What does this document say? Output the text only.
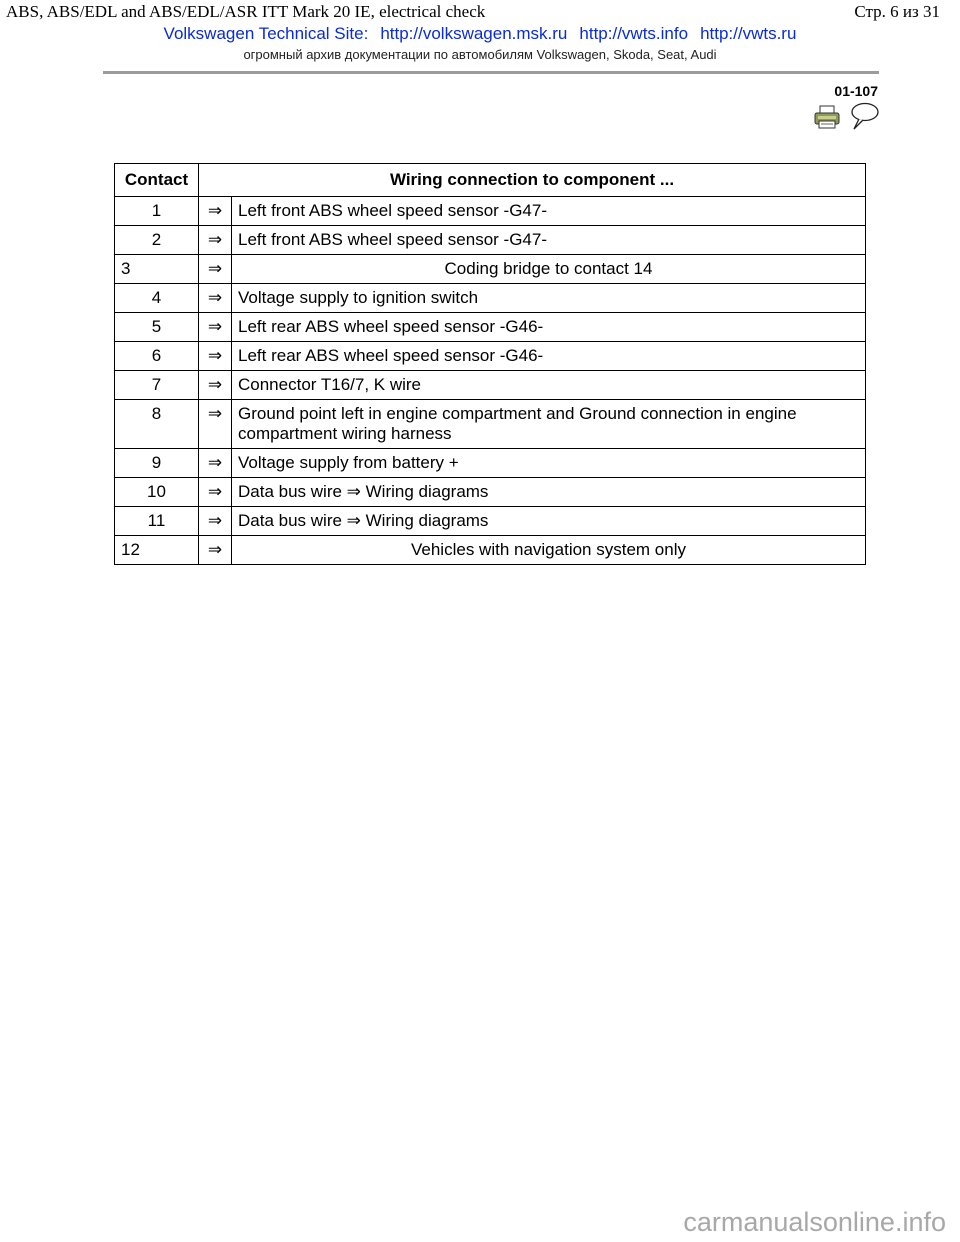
ABS, ABS/EDL and ABS/EDL/ASR ITT Mark 20 IE, electrical check	Стр. 6 из 31
Volkswagen Technical Site: http://volkswagen.msk.ru http://vwts.info http://vwts.ru
огромный архив документации по автомобилям Volkswagen, Skoda, Seat, Audi
01-107
Contact	Wiring connection to component ...	
1	⇒	Left front ABS wheel speed sensor -G47-
2	⇒	Left front ABS wheel speed sensor -G47-
3	⇒	Coding bridge to contact 14
4	⇒	Voltage supply to ignition switch
5	⇒	Left rear ABS wheel speed sensor -G46-
6	⇒	Left rear ABS wheel speed sensor -G46-
7	⇒	Connector T16/7, K wire
8	⇒	Ground point left in engine compartment and Ground connection in engine compartment wiring harness
9	⇒	Voltage supply from battery +
10	⇒	Data bus wire ⇒ Wiring diagrams
11	⇒	Data bus wire ⇒ Wiring diagrams
12	⇒	Vehicles with navigation system only
carmanualsonline.info
